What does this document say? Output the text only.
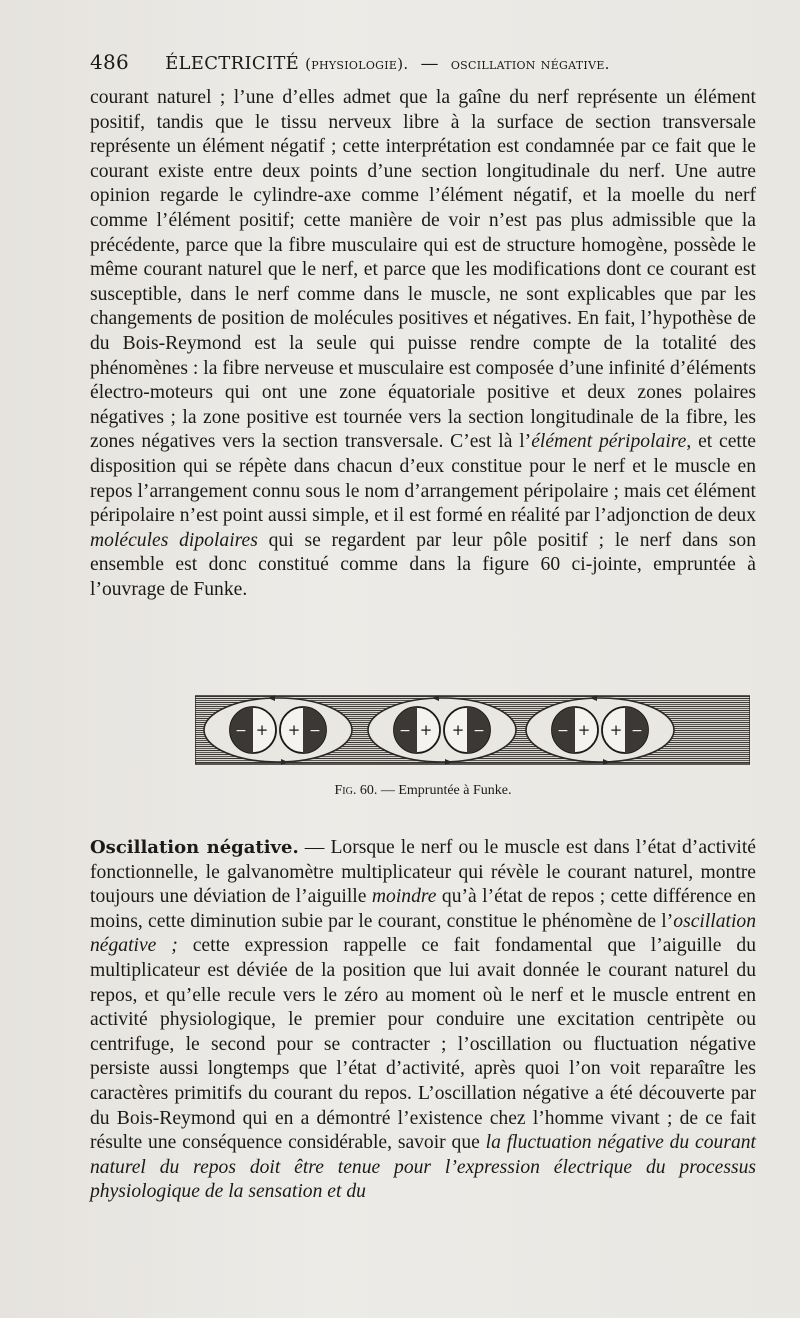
486 ÉLECTRICITÉ
(physiologie).
—
oscillation négative.

courant naturel ; l’une d’elles admet que la gaîne du nerf représente un élément positif, tandis que le tissu nerveux libre à la surface de section transversale représente un élément négatif ; cette interprétation est condamnée par ce fait que le courant existe entre deux points d’une section longitudinale du nerf. Une autre opinion regarde le cylindre-axe comme l’élément négatif, et la moelle du nerf comme l’élément positif; cette manière de voir n’est pas plus admissible que la précédente, parce que la fibre musculaire qui est de structure homogène, possède le même courant naturel que le nerf, et parce que les modifications dont ce courant est susceptible, dans le nerf comme dans le muscle, ne sont explicables que par les changements de position de molécules positives et négatives. En fait, l’hypothèse de du Bois-Reymond est la seule qui puisse rendre compte de la totalité des phénomènes : la fibre nerveuse et musculaire est composée d’une infinité d’éléments électro-moteurs qui ont une zone équatoriale positive et deux zones polaires négatives ; la zone positive est tournée vers la section longitudinale de la fibre, les zones négatives vers la section transversale. C’est là l’élément péripolaire, et cette disposition qui se répète dans chacun d’eux constitue pour le nerf et le muscle en repos l’arrangement connu sous le nom d’arrangement péripolaire ; mais cet élément péripolaire n’est point aussi simple, et il est formé en réalité par l’adjonction de deux molécules dipolaires qui se regardent par leur pôle positif ; le nerf dans son ensemble est donc constitué comme dans la figure 60 ci-jointe, empruntée à l’ouvrage de Funke.

+
−	+ −	+
−	+ −	+
−	+ −
Fig. 60. — Empruntée à Funke.

Oscillation négative. — Lorsque le nerf ou le muscle est dans l’état d’activité fonctionnelle, le galvanomètre multiplicateur qui révèle le courant naturel, montre toujours une déviation de l’aiguille moindre qu’à l’état de repos ; cette différence en moins, cette diminution subie par le courant, constitue le phénomène de l’oscillation négative ; cette expression rappelle ce fait fondamental que l’aiguille du multiplicateur est déviée de la position que lui avait donnée le courant naturel du repos, et qu’elle recule vers le zéro au moment où le nerf et le muscle entrent en activité physiologique, le premier pour conduire une excitation centripète ou centrifuge, le second pour se contracter ; l’oscillation ou fluctuation négative persiste aussi longtemps que l’état d’activité, après quoi l’on voit reparaître les caractères primitifs du courant du repos. L’oscillation négative a été découverte par du Bois-Reymond qui en a démontré l’existence chez l’homme vivant ; de ce fait résulte une conséquence considérable, savoir que la fluctuation négative du courant naturel du repos doit être tenue pour l’expression électrique du processus physiologique de la sensation et du
